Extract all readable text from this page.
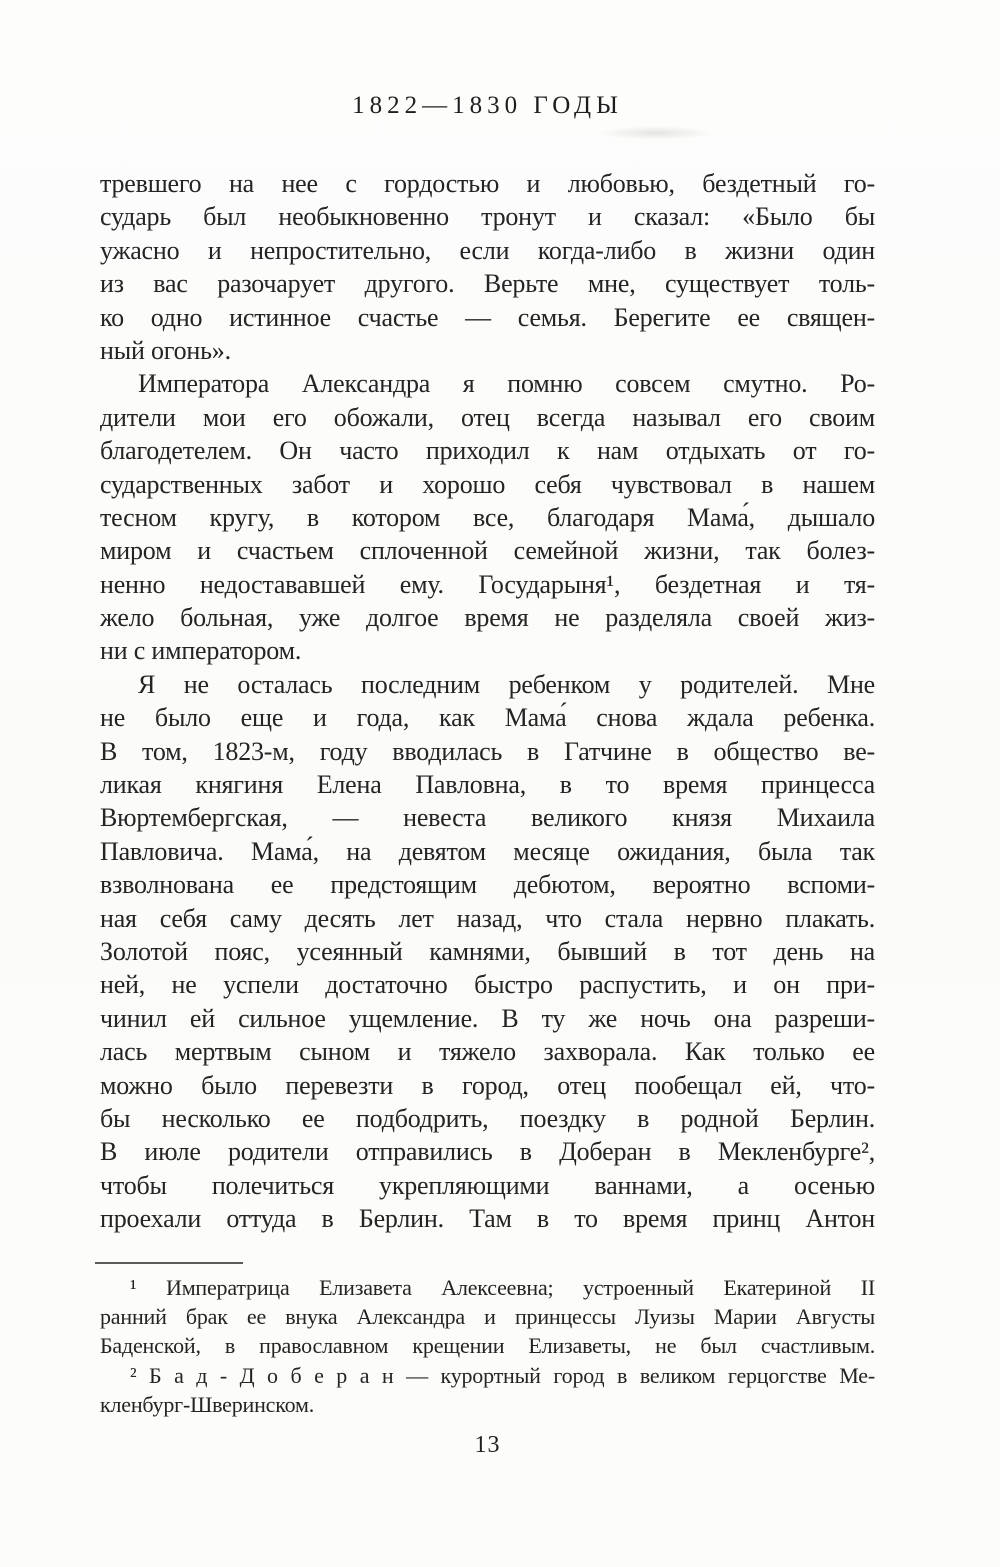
1822—1830 ГОДЫ
тревшего на нее с гордостью и любовью, бездетный го-
сударь был необыкновенно тронут и сказал: «Было бы
ужасно и непростительно, если когда-либо в жизни один
из вас разочарует другого. Верьте мне, существует толь-
ко одно истинное счастье — семья. Берегите ее священ-
ный огонь».
Императора Александра я помню совсем смутно. Ро-
дители мои его обожали, отец всегда называл его своим
благодетелем. Он часто приходил к нам отдыхать от го-
сударственных забот и хорошо себя чувствовал в нашем
тесном кругу, в котором все, благодаря Мама́, дышало
миром и счастьем сплоченной семейной жизни, так болез-
ненно недостававшей ему. Государыня¹, бездетная и тя-
жело больная, уже долгое время не разделяла своей жиз-
ни с императором.
Я не осталась последним ребенком у родителей. Мне
не было еще и года, как Мама́ снова ждала ребенка.
В том, 1823-м, году вводилась в Гатчине в общество ве-
ликая княгиня Елена Павловна, в то время принцесса
Вюртембергская, — невеста великого князя Михаила
Павловича. Мама́, на девятом месяце ожидания, была так
взволнована ее предстоящим дебютом, вероятно вспоми-
ная себя саму десять лет назад, что стала нервно плакать.
Золотой пояс, усеянный камнями, бывший в тот день на
ней, не успели достаточно быстро распустить, и он при-
чинил ей сильное ущемление. В ту же ночь она разреши-
лась мертвым сыном и тяжело захворала. Как только ее
можно было перевезти в город, отец пообещал ей, что-
бы несколько ее подбодрить, поездку в родной Берлин.
В июле родители отправились в Доберан в Мекленбурге²,
чтобы полечиться укрепляющими ваннами, а осенью
проехали оттуда в Берлин. Там в то время принц Антон
¹ Императрица Елизавета Алексеевна; устроенный Екатериной II
ранний брак ее внука Александра и принцессы Луизы Марии Августы
Баденской, в православном крещении Елизаветы, не был счастливым.
² Б а д - Д о б е р а н — курортный город в великом герцогстве Ме-
кленбург-Шверинском.
13
